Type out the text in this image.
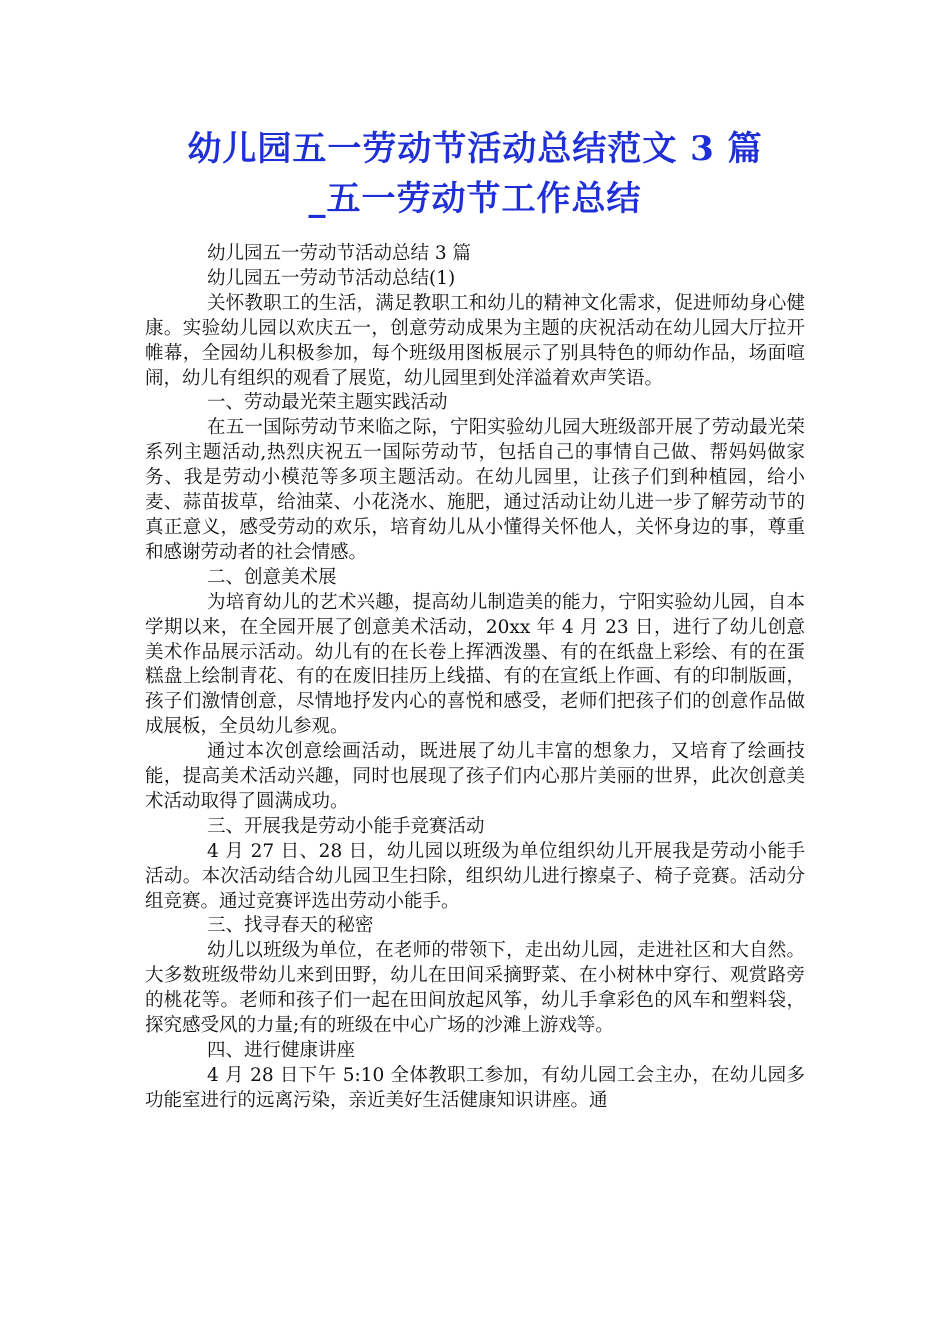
幼儿园五一劳动节活动总结范文 3 篇
_五一劳动节工作总结

幼儿园五一劳动节活动总结 3 篇

幼儿园五一劳动节活动总结(1)

关怀教职工的生活，满足教职工和幼儿的精神文化需求，促进师幼身心健康。实验幼儿园以欢庆五一，创意劳动成果为主题的庆祝活动在幼儿园大厅拉开帷幕，全园幼儿积极参加，每个班级用图板展示了别具特色的师幼作品，场面喧闹，幼儿有组织的观看了展览，幼儿园里到处洋溢着欢声笑语。

一、劳动最光荣主题实践活动

在五一国际劳动节来临之际，宁阳实验幼儿园大班级部开展了劳动最光荣系列主题活动,热烈庆祝五一国际劳动节，包括自己的事情自己做、帮妈妈做家务、我是劳动小模范等多项主题活动。在幼儿园里，让孩子们到种植园，给小麦、蒜苗拔草，给油菜、小花浇水、施肥，通过活动让幼儿进一步了解劳动节的真正意义，感受劳动的欢乐，培育幼儿从小懂得关怀他人，关怀身边的事，尊重和感谢劳动者的社会情感。

二、创意美术展

为培育幼儿的艺术兴趣，提高幼儿制造美的能力，宁阳实验幼儿园，自本学期以来，在全园开展了创意美术活动，20xx 年 4 月 23 日，进行了幼儿创意美术作品展示活动。幼儿有的在长卷上挥洒泼墨、有的在纸盘上彩绘、有的在蛋糕盘上绘制青花、有的在废旧挂历上线描、有的在宣纸上作画、有的印制版画，孩子们激情创意，尽情地抒发内心的喜悦和感受，老师们把孩子们的创意作品做成展板，全员幼儿参观。

通过本次创意绘画活动，既进展了幼儿丰富的想象力，又培育了绘画技能，提高美术活动兴趣，同时也展现了孩子们内心那片美丽的世界，此次创意美术活动取得了圆满成功。

三、开展我是劳动小能手竞赛活动

4 月 27 日、28 日，幼儿园以班级为单位组织幼儿开展我是劳动小能手活动。本次活动结合幼儿园卫生扫除，组织幼儿进行擦桌子、椅子竞赛。活动分组竞赛。通过竞赛评选出劳动小能手。

三、找寻春天的秘密

幼儿以班级为单位，在老师的带领下，走出幼儿园，走进社区和大自然。大多数班级带幼儿来到田野，幼儿在田间采摘野菜、在小树林中穿行、观赏路旁的桃花等。老师和孩子们一起在田间放起风筝，幼儿手拿彩色的风车和塑料袋，探究感受风的力量;有的班级在中心广场的沙滩上游戏等。

四、进行健康讲座

4 月 28 日下午 5:10 全体教职工参加，有幼儿园工会主办，在幼儿园多功能室进行的远离污染，亲近美好生活健康知识讲座。通
